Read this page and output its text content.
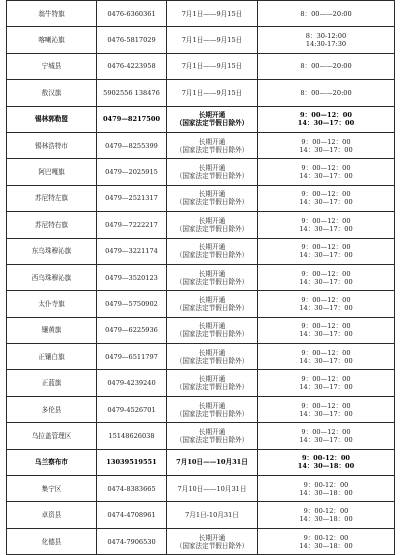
翁牛特旗	0476-6360361	7月1日——9月15日	8：00——20:00

喀喇沁旗	0476-5817029	7月1日——9月15日	8：30-12:00
14:30-17:30

宁城县	0476-4223958	7月1日——9月15日	8：00——20:00

敖汉旗	5902556 138476	7月1日——9月15日	8：00——20:00

锡林郭勒盟	0479—8217500	长期开通
（国家法定节假日除外）	9：00—12：00
14：30—17：00

锡林浩特市	0479—8255399	长期开通
（国家法定节假日除外）	9：00—12：00
14：30—17：00

阿巴嘎旗	0479—2025915	长期开通
（国家法定节假日除外）	9：00—12：00
14：30—17：00

苏尼特左旗	0479—2521317	长期开通
（国家法定节假日除外）	9：00—12：00
14：30—17：00

苏尼特右旗	0479—7222217	长期开通
（国家法定节假日除外）	9：00—12：00
14：30—17：00

东乌珠穆沁旗	0479—3221174	长期开通
（国家法定节假日除外）	9：00—12：00
14：30—17：00

西乌珠穆沁旗	0479—3520123	长期开通
（国家法定节假日除外）	9：00—12：00
14：30—17：00

太仆寺旗	0479—5750902	长期开通
（国家法定节假日除外）	9：00—12：00
14：30—17：00

镶黄旗	0479—6225936	长期开通
（国家法定节假日除外）	9：00—12：00
14：30—17：00

正镶白旗	0479—6511797	长期开通
（国家法定节假日除外）	9：00—12：00
14：30—17：00

正蓝旗	0479-4239240	长期开通
（国家法定节假日除外）	9：00—12：00
14：30—17：00

多伦县	0479-4526701	长期开通
（国家法定节假日除外）	9：00—12：00
14：30—17：00

乌拉盖管理区	15148626038	长期开通
（国家法定节假日除外）	9：00—12：00
14：30—17：00

乌兰察布市	13039519551	7月10日——10月31日	9：00-12：00
14：30—18：00

集宁区	0474-8383665	7月10日——10月31日	9：00-12：00
14：30—18：00

卓资县	0474-4708961	7月1日-10月31日	9：00-12：00
14：30—18：00

化德县	0474-7906530	长期开通
（国家法定节假日除外）	9：00-12：00
14：30—18：00
